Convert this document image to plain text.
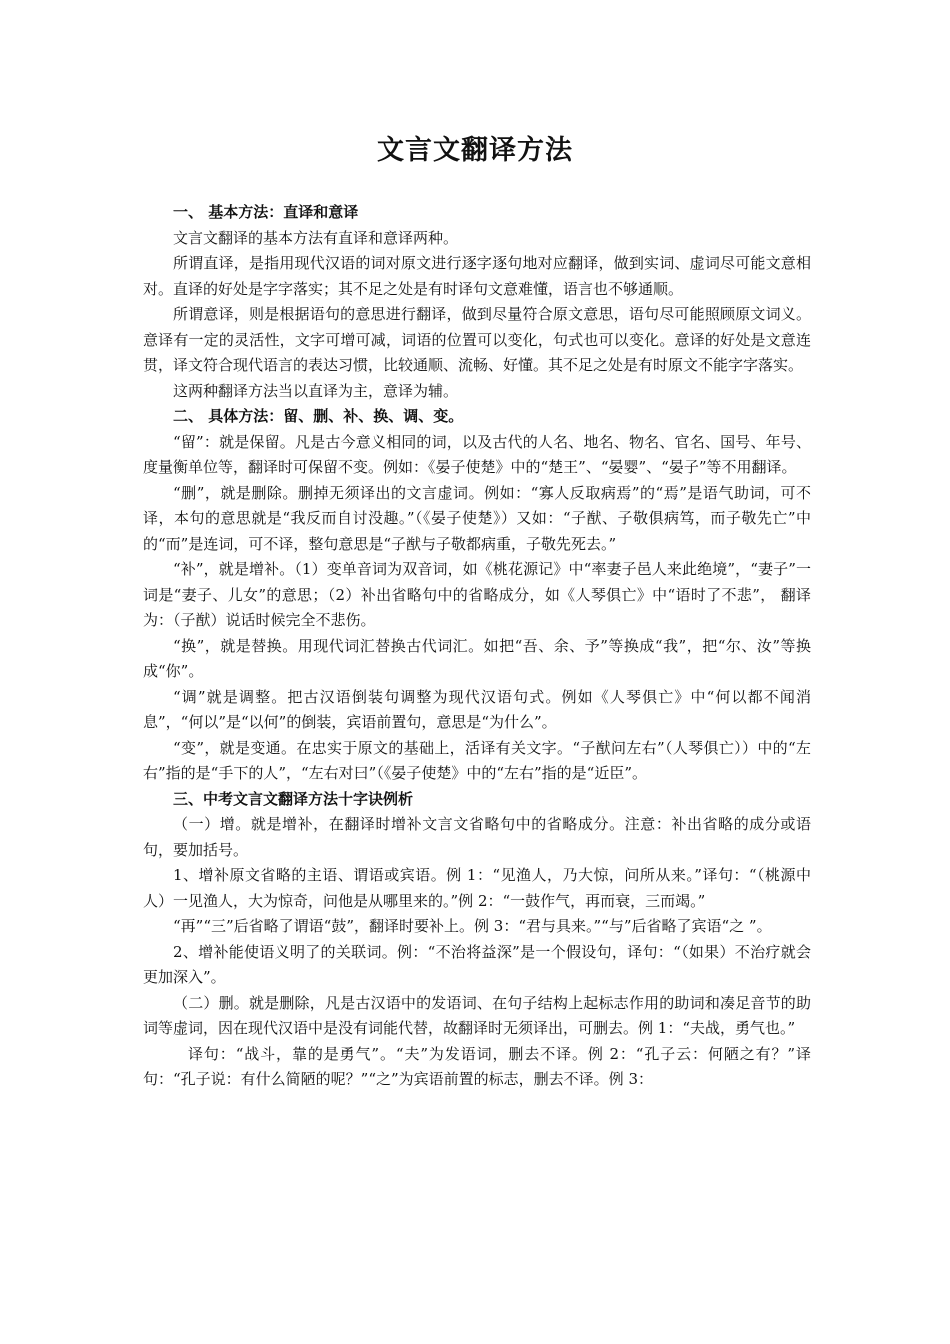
文言文翻译方法

一、 基本方法：直译和意译

文言文翻译的基本方法有直译和意译两种。

所谓直译，是指用现代汉语的词对原文进行逐字逐句地对应翻译，做到实词、虚词尽可能文意相对。直译的好处是字字落实；其不足之处是有时译句文意难懂，语言也不够通顺。

所谓意译，则是根据语句的意思进行翻译，做到尽量符合原文意思，语句尽可能照顾原文词义。意译有一定的灵活性，文字可增可减，词语的位置可以变化，句式也可以变化。意译的好处是文意连贯，译文符合现代语言的表达习惯，比较通顺、流畅、好懂。其不足之处是有时原文不能字字落实。

这两种翻译方法当以直译为主，意译为辅。

二、 具体方法：留、删、补、换、调、变。

“留”：就是保留。凡是古今意义相同的词，以及古代的人名、地名、物名、官名、国号、年号、度量衡单位等，翻译时可保留不变。例如：《晏子使楚》中的“楚王”、“晏婴”、“晏子”等不用翻译。

“删”，就是删除。删掉无须译出的文言虚词。例如：“寡人反取病焉”的“焉”是语气助词，可不译，本句的意思就是“我反而自讨没趣。”（《晏子使楚》）又如：“子猷、子敬俱病笃，而子敬先亡”中的“而”是连词，可不译，整句意思是“子猷与子敬都病重，子敬先死去。”

“补”，就是增补。（1）变单音词为双音词，如《桃花源记》中“率妻子邑人来此绝境”，“妻子”一词是“妻子、儿女”的意思；（2）补出省略句中的省略成分，如《人琴俱亡》中“语时了不悲”， 翻译为：（子猷）说话时候完全不悲伤。

“换”，就是替换。用现代词汇替换古代词汇。如把“吾、余、予”等换成“我”，把“尔、汝”等换成“你”。

“调”就是调整。把古汉语倒装句调整为现代汉语句式。例如《人琴俱亡》中“何以都不闻消息”，“何以”是“以何”的倒装，宾语前置句，意思是“为什么”。

“变”，就是变通。在忠实于原文的基础上，活译有关文字。“子猷问左右”（人琴俱亡））中的“左右”指的是“手下的人”，“左右对曰”（《晏子使楚》中的“左右”指的是“近臣”。

三、中考文言文翻译方法十字诀例析

（一）增。就是增补，在翻译时增补文言文省略句中的省略成分。注意：补出省略的成分或语句，要加括号。

1、增补原文省略的主语、谓语或宾语。例 1：“见渔人，乃大惊，问所从来。”译句：“（桃源中人）一见渔人，大为惊奇，问他是从哪里来的。”例 2：“一鼓作气，再而衰，三而竭。”

“再”“三”后省略了谓语“鼓”，翻译时要补上。例 3：“君与具来。”“与”后省略了宾语“之 ”。

2、增补能使语义明了的关联词。例：“不治将益深”是一个假设句，译句：“（如果）不治疗就会更加深入”。

（二）删。就是删除，凡是古汉语中的发语词、在句子结构上起标志作用的助词和凑足音节的助词等虚词，因在现代汉语中是没有词能代替，故翻译时无须译出，可删去。例 1：“夫战，勇气也。”

译句：“战斗，靠的是勇气”。“夫”为发语词，删去不译。例 2：“孔子云：何陋之有？”译句：“孔子说：有什么简陋的呢？”“之”为宾语前置的标志，删去不译。例 3：
